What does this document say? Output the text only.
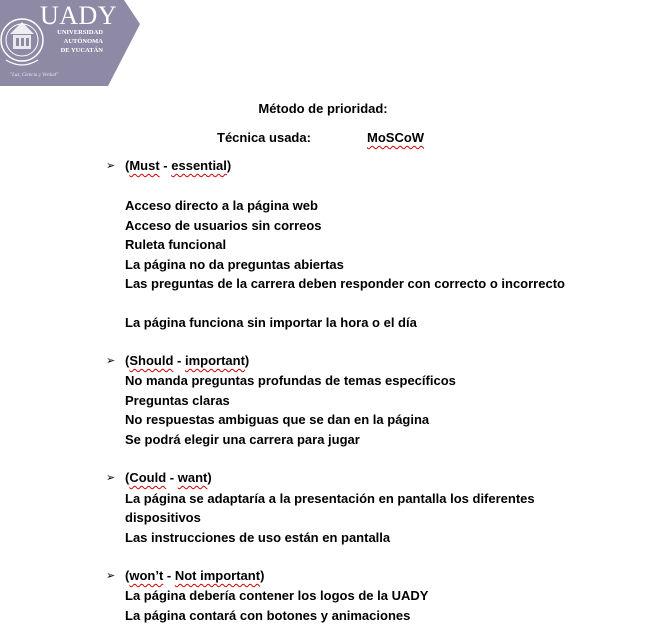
UADY
UNIVERSIDAD
AUTÓNOMA
DE YUCATÁN
"Luz, Ciencia y Verdad"
Método de prioridad:
Técnica usada:	MoSCoW
➢ (Must - essential)
Acceso directo a la página web
Acceso de usuarios sin correos
Ruleta funcional
La página no da preguntas abiertas
Las preguntas de la carrera deben responder con correcto o incorrecto
La página funciona sin importar la hora o el día
➢ (Should - important)
No manda preguntas profundas de temas específicos
Preguntas claras
No respuestas ambiguas que se dan en la página
Se podrá elegir una carrera para jugar
➢ (Could - want)
La página se adaptaría a la presentación en pantalla los diferentes dispositivos
Las instrucciones de uso están en pantalla
➢ (won’t - Not important)
La página debería contener los logos de la UADY
La página contará con botones y animaciones
